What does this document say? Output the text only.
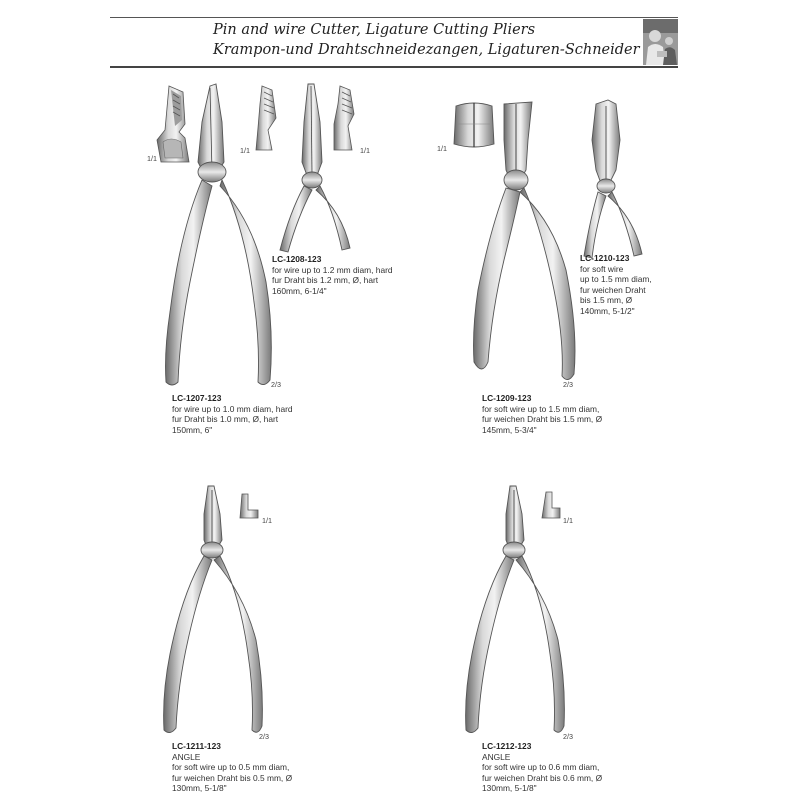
Pin and wire Cutter, Ligature Cutting Pliers
Krampon-und Drahtschneidezangen, Ligaturen-Schneider
1/1
1/1	1/1
LC-1208-123
for wire up to 1.2 mm diam, hard
fur Draht bis 1.2 mm, Ø, hart
160mm, 6-1/4"
2/3
LC-1207-123
for wire up to 1.0 mm diam, hard
fur Draht bis 1.0 mm, Ø, hart
150mm, 6"
1/1
LC-1210-123
for soft wire
up to 1.5 mm diam,
fur weichen Draht
bis 1.5 mm, Ø
140mm, 5-1/2"
2/3
LC-1209-123
for soft wire up to 1.5 mm diam,
fur weichen Draht bis 1.5 mm, Ø
145mm, 5-3/4"
1/1
2/3
LC-1211-123
ANGLE
for soft wire up to 0.5 mm diam,
fur weichen Draht bis 0.5 mm, Ø
130mm, 5-1/8"
1/1
2/3
LC-1212-123
ANGLE
for soft wire up to 0.6 mm diam,
fur weichen Draht bis 0.6 mm, Ø
130mm, 5-1/8"
